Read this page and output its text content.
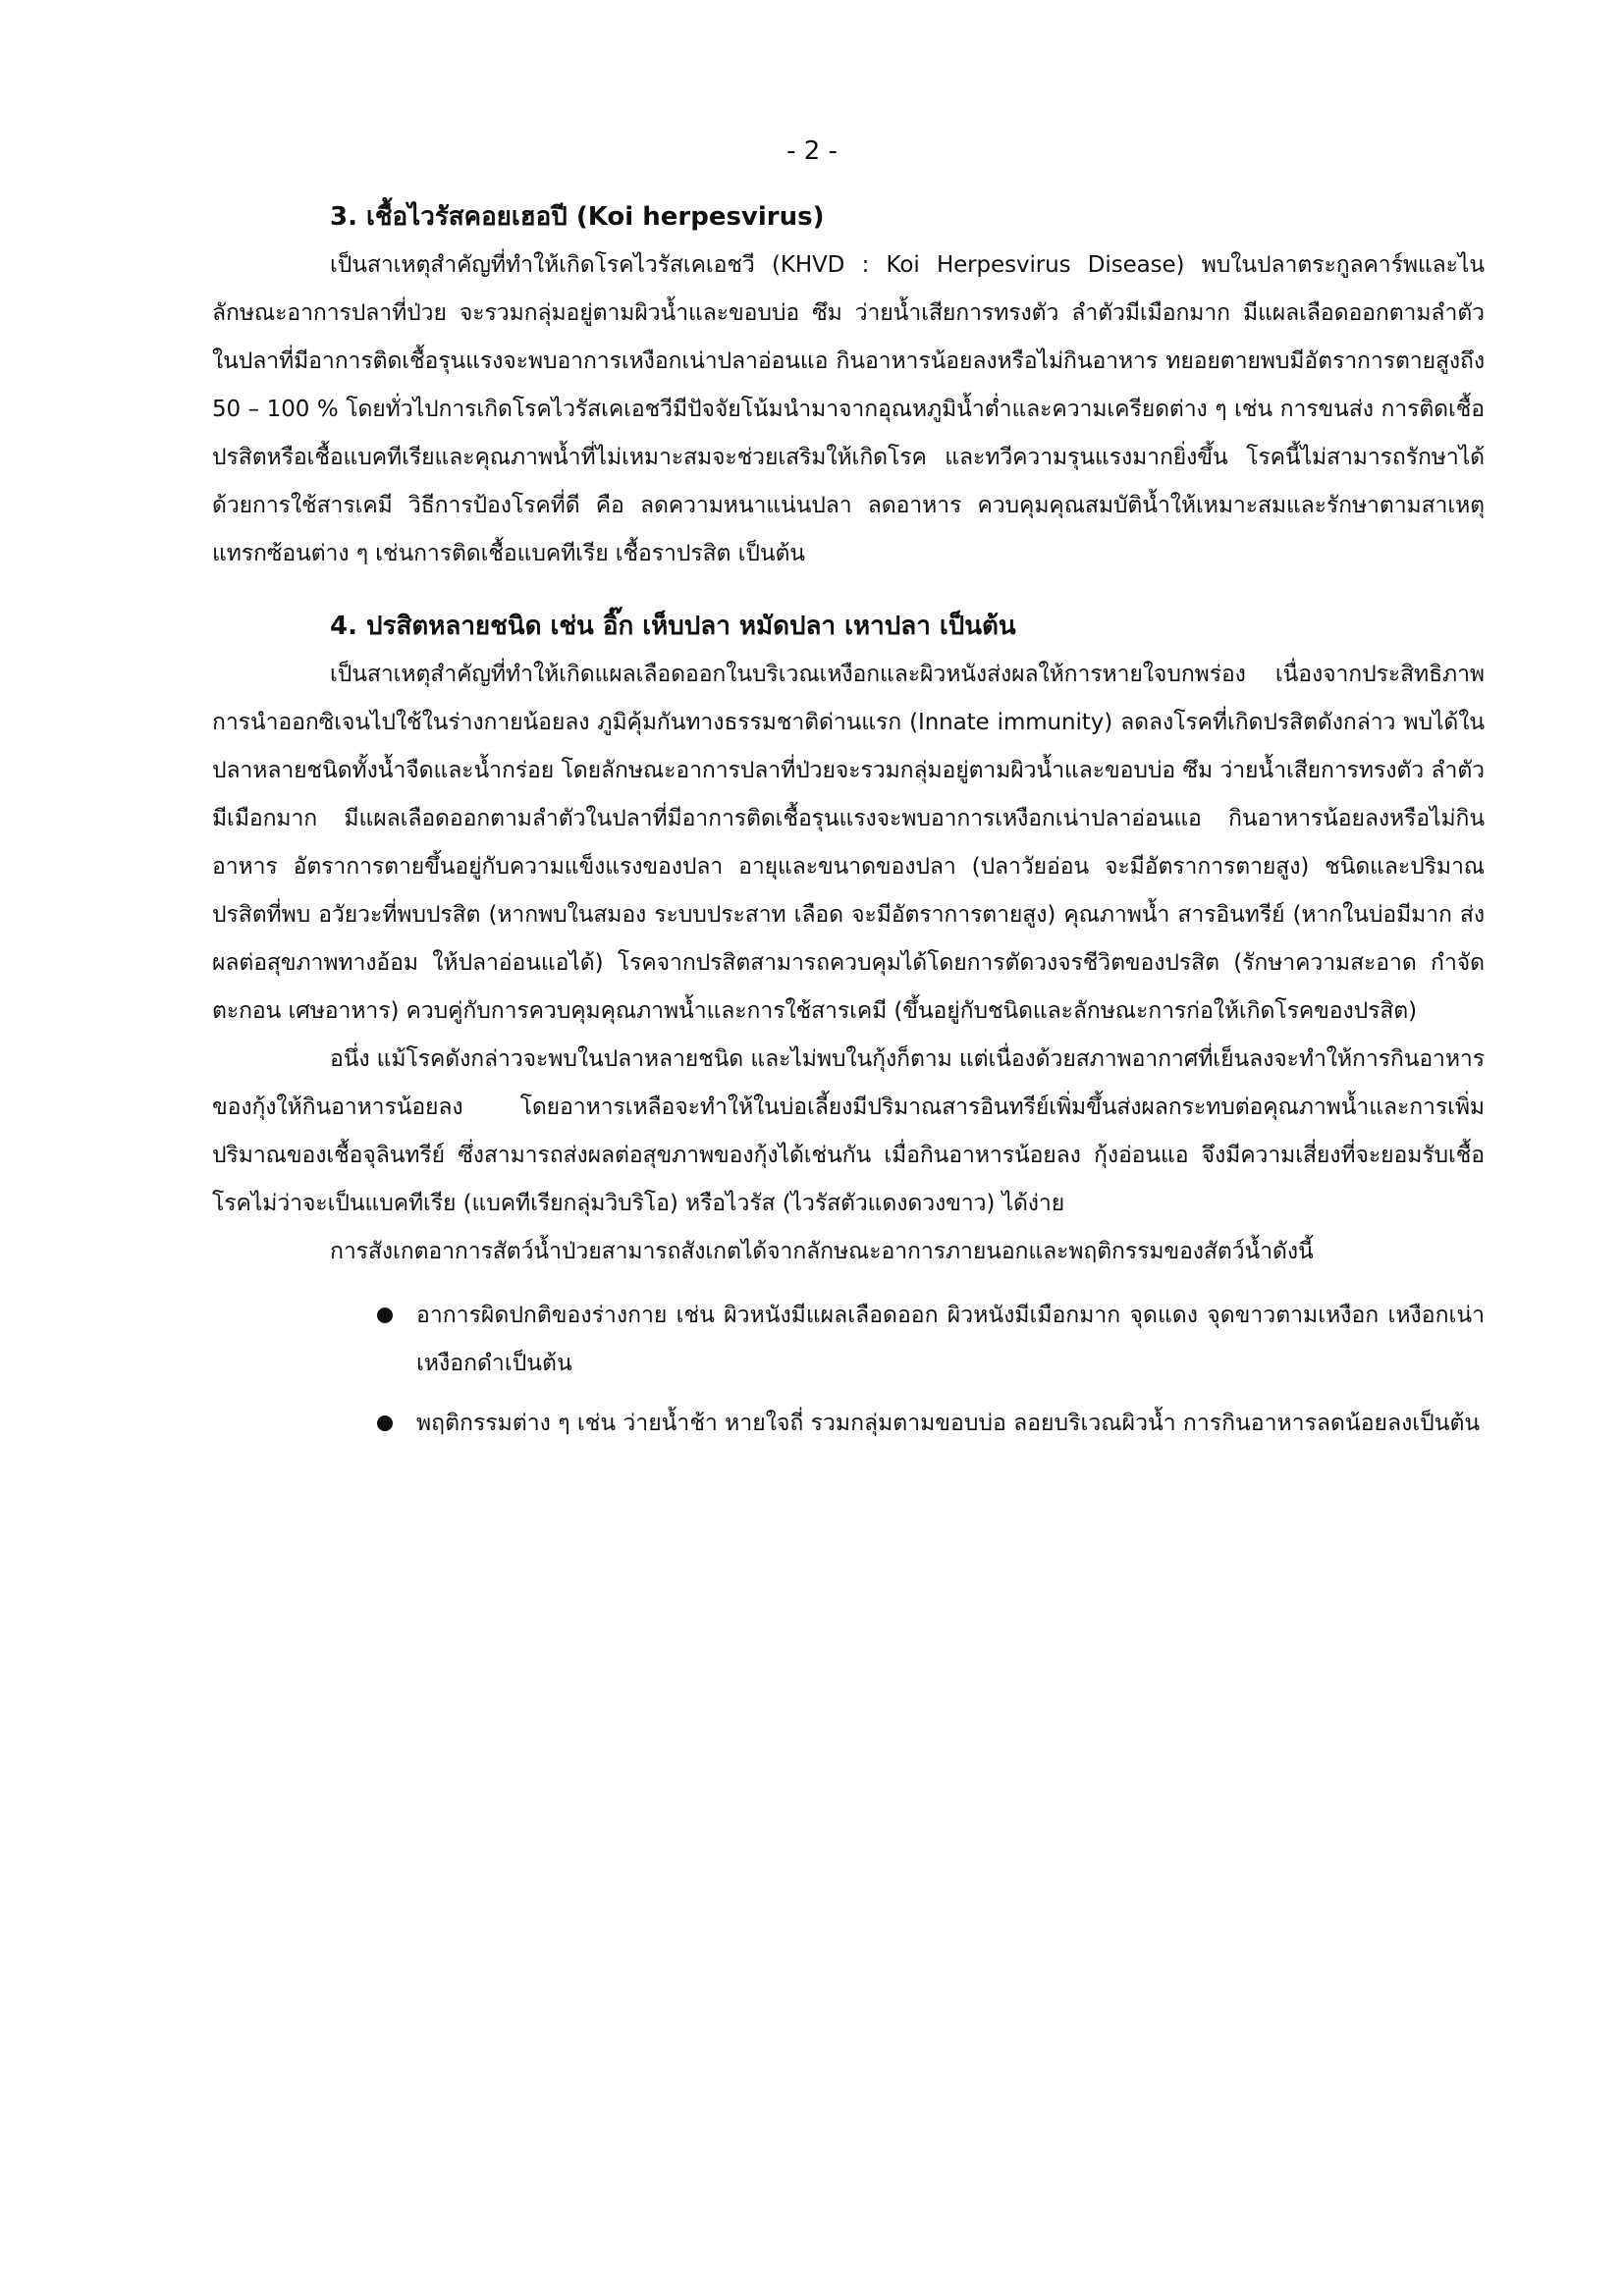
- 2 -
3. เชื้อไวรัสคอยเฮอปี (Koi herpesvirus)

เป็นสาเหตุสำคัญที่ทำให้เกิดโรคไวรัสเคเอชวี (KHVD : Koi Herpesvirus Disease) พบในปลาตระกูลคาร์พและไน ลักษณะอาการปลาที่ป่วย จะรวมกลุ่มอยู่ตามผิวน้ำและขอบบ่อ ซึม ว่ายน้ำเสียการทรงตัว ลำตัวมีเมือกมาก มีแผลเลือดออกตามลำตัว ในปลาที่มีอาการติดเชื้อรุนแรงจะพบอาการเหงือกเน่าปลาอ่อนแอ กินอาหารน้อยลงหรือไม่กินอาหาร ทยอยตายพบมีอัตราการตายสูงถึง 50 – 100 % โดยทั่วไปการเกิดโรคไวรัสเคเอชวีมีปัจจัยโน้มนำมาจากอุณหภูมิน้ำต่ำและความเครียดต่าง ๆ เช่น การขนส่ง การติดเชื้อปรสิตหรือเชื้อแบคทีเรียและคุณภาพน้ำที่ไม่เหมาะสมจะช่วยเสริมให้เกิดโรค และทวีความรุนแรงมากยิ่งขึ้น โรคนี้ไม่สามารถรักษาได้ด้วยการใช้สารเคมี วิธีการป้องโรคที่ดี คือ ลดความหนาแน่นปลา ลดอาหาร ควบคุมคุณสมบัติน้ำให้เหมาะสมและรักษาตามสาเหตุแทรกซ้อนต่าง ๆ เช่นการติดเชื้อแบคทีเรีย เชื้อราปรสิต เป็นต้น

4. ปรสิตหลายชนิด เช่น อิ๊ก เห็บปลา หมัดปลา เหาปลา เป็นต้น

เป็นสาเหตุสำคัญที่ทำให้เกิดแผลเลือดออกในบริเวณเหงือกและผิวหนังส่งผลให้การหายใจบกพร่อง เนื่องจากประสิทธิภาพการนำออกซิเจนไปใช้ในร่างกายน้อยลง ภูมิคุ้มกันทางธรรมชาติด่านแรก (Innate immunity) ลดลงโรคที่เกิดปรสิตดังกล่าว พบได้ในปลาหลายชนิดทั้งน้ำจืดและน้ำกร่อย โดยลักษณะอาการปลาที่ป่วยจะรวมกลุ่มอยู่ตามผิวน้ำและขอบบ่อ ซึม ว่ายน้ำเสียการทรงตัว ลำตัวมีเมือกมาก มีแผลเลือดออกตามลำตัวในปลาที่มีอาการติดเชื้อรุนแรงจะพบอาการเหงือกเน่าปลาอ่อนแอ กินอาหารน้อยลงหรือไม่กินอาหาร อัตราการตายขึ้นอยู่กับความแข็งแรงของปลา อายุและขนาดของปลา (ปลาวัยอ่อน จะมีอัตราการตายสูง) ชนิดและปริมาณปรสิตที่พบ อวัยวะที่พบปรสิต (หากพบในสมอง ระบบประสาท เลือด จะมีอัตราการตายสูง) คุณภาพน้ำ สารอินทรีย์ (หากในบ่อมีมาก ส่งผลต่อสุขภาพทางอ้อม ให้ปลาอ่อนแอได้) โรคจากปรสิตสามารถควบคุมได้โดยการตัดวงจรชีวิตของปรสิต (รักษาความสะอาด กำจัดตะกอน เศษอาหาร) ควบคู่กับการควบคุมคุณภาพน้ำและการใช้สารเคมี (ขึ้นอยู่กับชนิดและลักษณะการก่อให้เกิดโรคของปรสิต)

อนึ่ง แม้โรคดังกล่าวจะพบในปลาหลายชนิด และไม่พบในกุ้งก็ตาม แต่เนื่องด้วยสภาพอากาศที่เย็นลงจะทำให้การกินอาหารของกุ้งให้กินอาหารน้อยลง โดยอาหารเหลือจะทำให้ในบ่อเลี้ยงมีปริมาณสารอินทรีย์เพิ่มขึ้นส่งผลกระทบต่อคุณภาพน้ำและการเพิ่มปริมาณของเชื้อจุลินทรีย์ ซึ่งสามารถส่งผลต่อสุขภาพของกุ้งได้เช่นกัน เมื่อกินอาหารน้อยลง กุ้งอ่อนแอ จึงมีความเสี่ยงที่จะยอมรับเชื้อโรคไม่ว่าจะเป็นแบคทีเรีย (แบคทีเรียกลุ่มวิบริโอ) หรือไวรัส (ไวรัสตัวแดงดวงขาว) ได้ง่าย

การสังเกตอาการสัตว์น้ำป่วยสามารถสังเกตได้จากลักษณะอาการภายนอกและพฤติกรรมของสัตว์น้ำดังนี้

อาการผิดปกติของร่างกาย เช่น ผิวหนังมีแผลเลือดออก ผิวหนังมีเมือกมาก จุดแดง จุดขาวตามเหงือก เหงือกเน่าเหงือกดำเป็นต้น
พฤติกรรมต่าง ๆ เช่น ว่ายน้ำช้า หายใจถี่ รวมกลุ่มตามขอบบ่อ ลอยบริเวณผิวน้ำ การกินอาหารลดน้อยลงเป็นต้น
